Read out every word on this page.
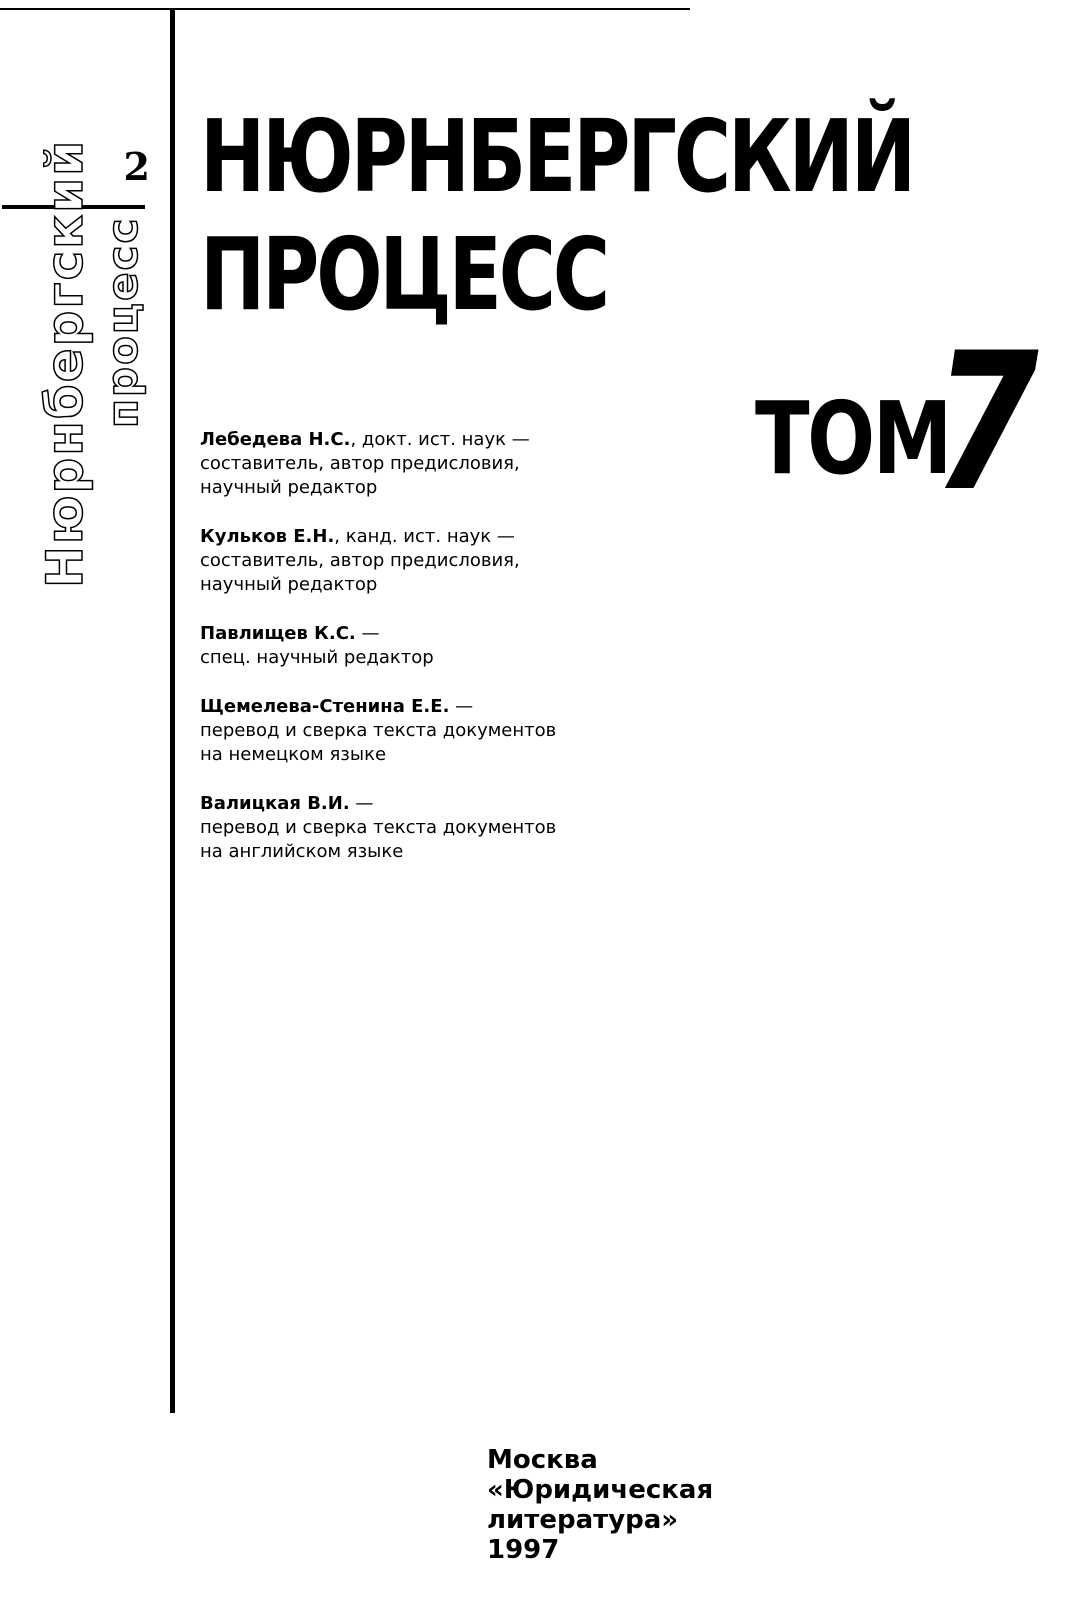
2
Нюрнбергский процесс
НЮРНБЕРГСКИЙ
ПРОЦЕСС
ТОМ
7
Лебедева Н.С., докт. ист. наук —
составитель, автор предисловия,
научный редактор
Кульков Е.Н., канд. ист. наук —
составитель, автор предисловия,
научный редактор
Павлищев К.С. —
спец. научный редактор
Щемелева-Стенина Е.Е. —
перевод и сверка текста документов
на немецком языке
Валицкая В.И. —
перевод и сверка текста документов
на английском языке
Москва
«Юридическая
литература»
1997
